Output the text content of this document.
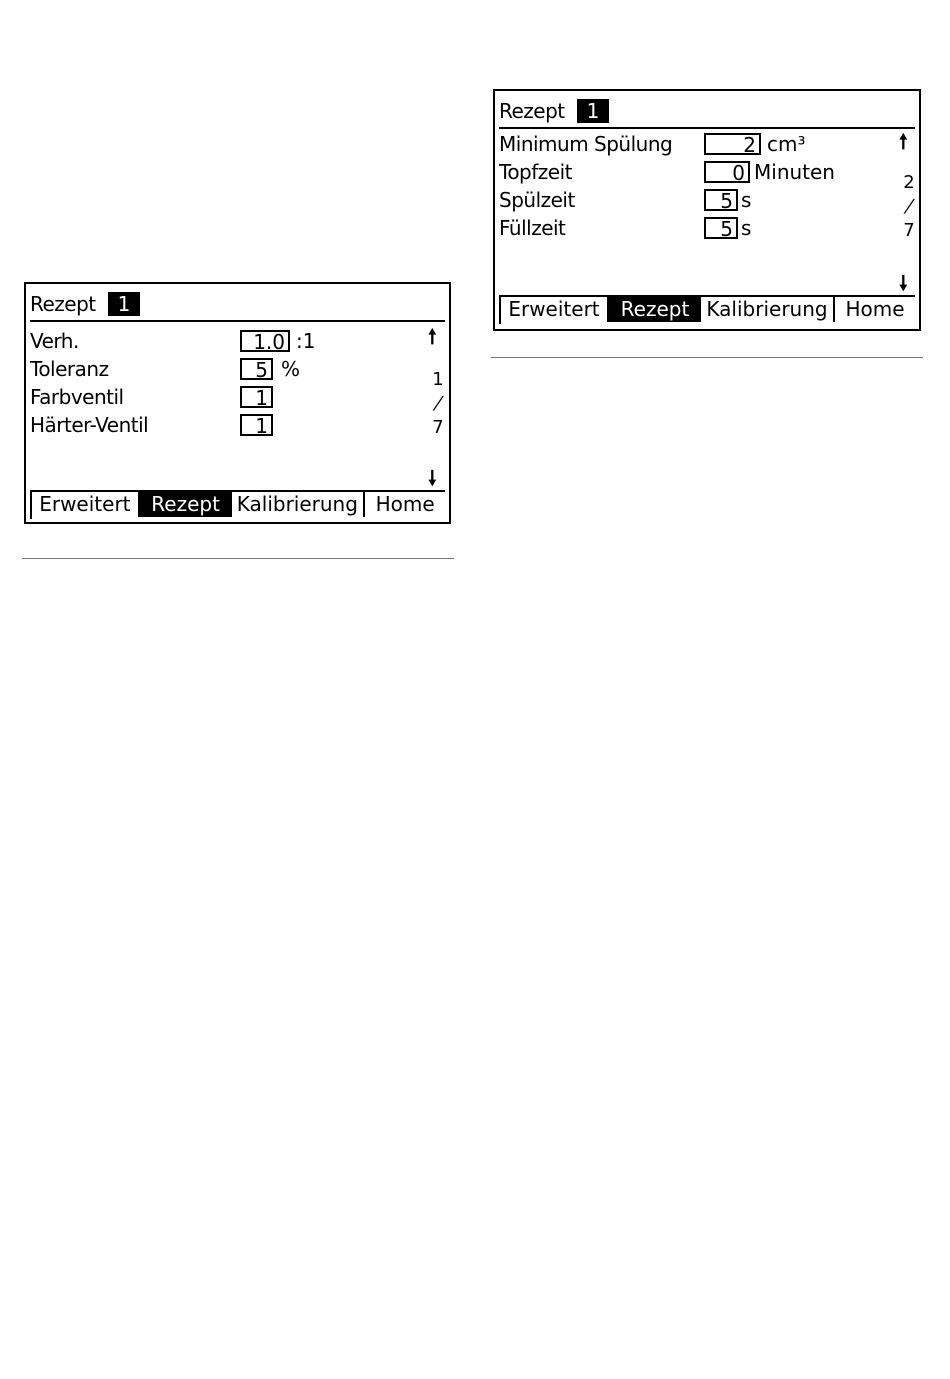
Rezept	1
Verh.	1.0 :1
Toleranz	5 %
Farbventil	1
Härter-Ventil	1
🠕
1
/
7
🠗
Erweitert	Rezept Kalibrierung Home
Rezept	1
Minimum Spülung	2 cm³
Topfzeit	0 Minuten
Spülzeit	5 s
Füllzeit	5 s
🠕
2
/
7
🠗
Erweitert	Rezept Kalibrierung Home
